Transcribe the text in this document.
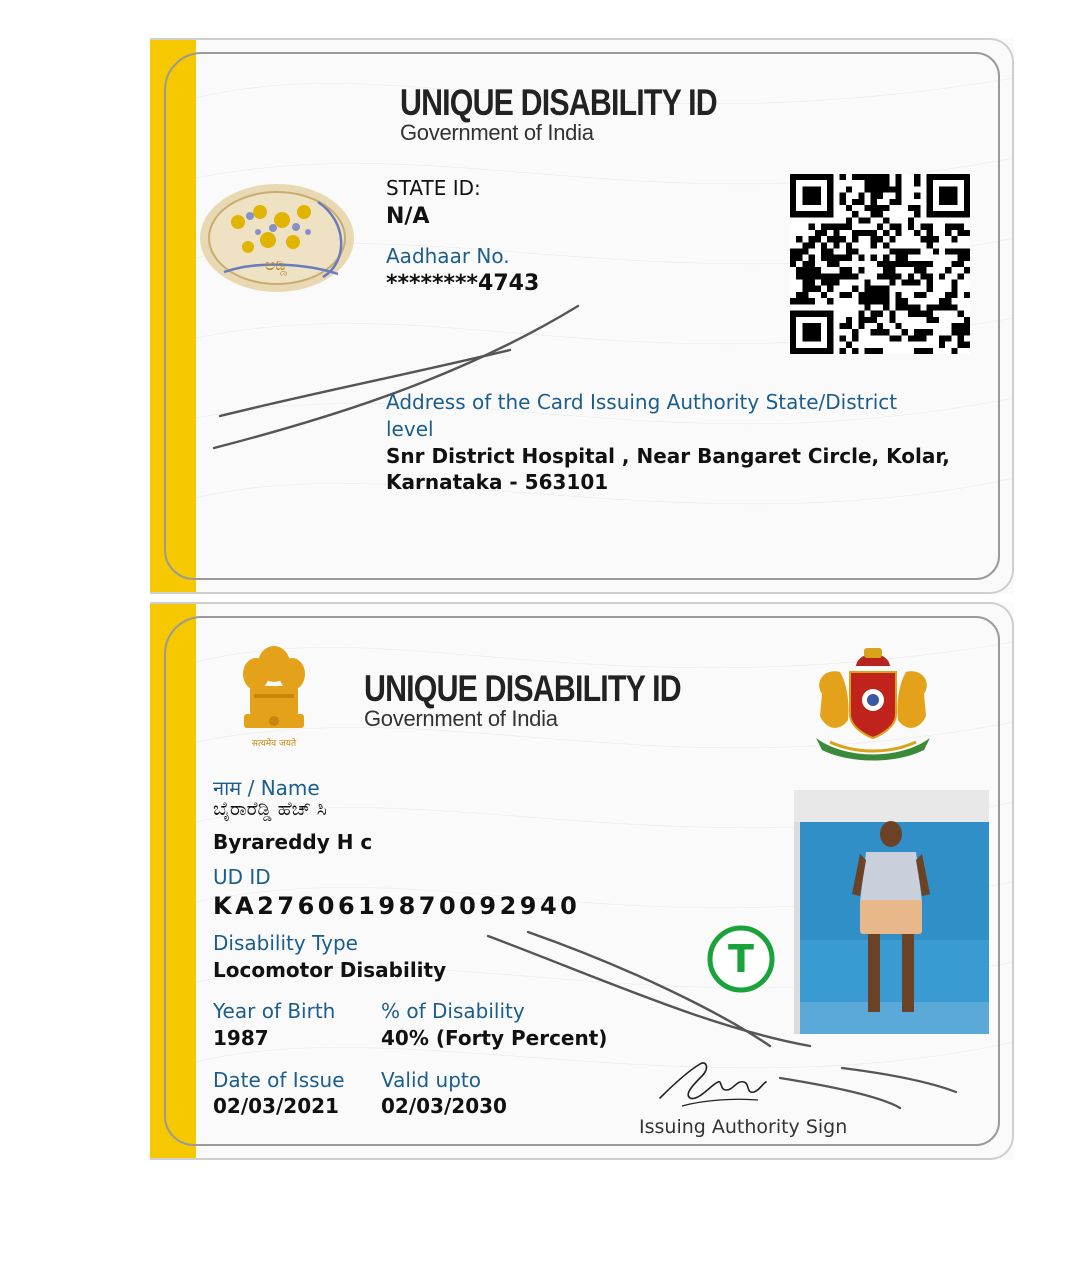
UNIQUE DISABILITY ID
Government of India
ಅಡ್ಡಿ
STATE ID:
N/A
Aadhaar No.
********4743
Address of the Card Issuing Authority State/District
level
Snr District Hospital , Near Bangaret Circle, Kolar,
Karnataka - 563101
सत्यमेव जयते
UNIQUE DISABILITY ID
Government of India
नाम / Name
ಬೈರಾರೆಡ್ಡಿ ಹೆಚ್ ಸಿ
Byrareddy H c
UD ID
KA2760619870092940
Disability Type
Locomotor Disability
Year of Birth
1987
% of Disability
40% (Forty Percent)
Date of Issue
02/03/2021
Valid upto
02/03/2030
T
Issuing Authority Sign
